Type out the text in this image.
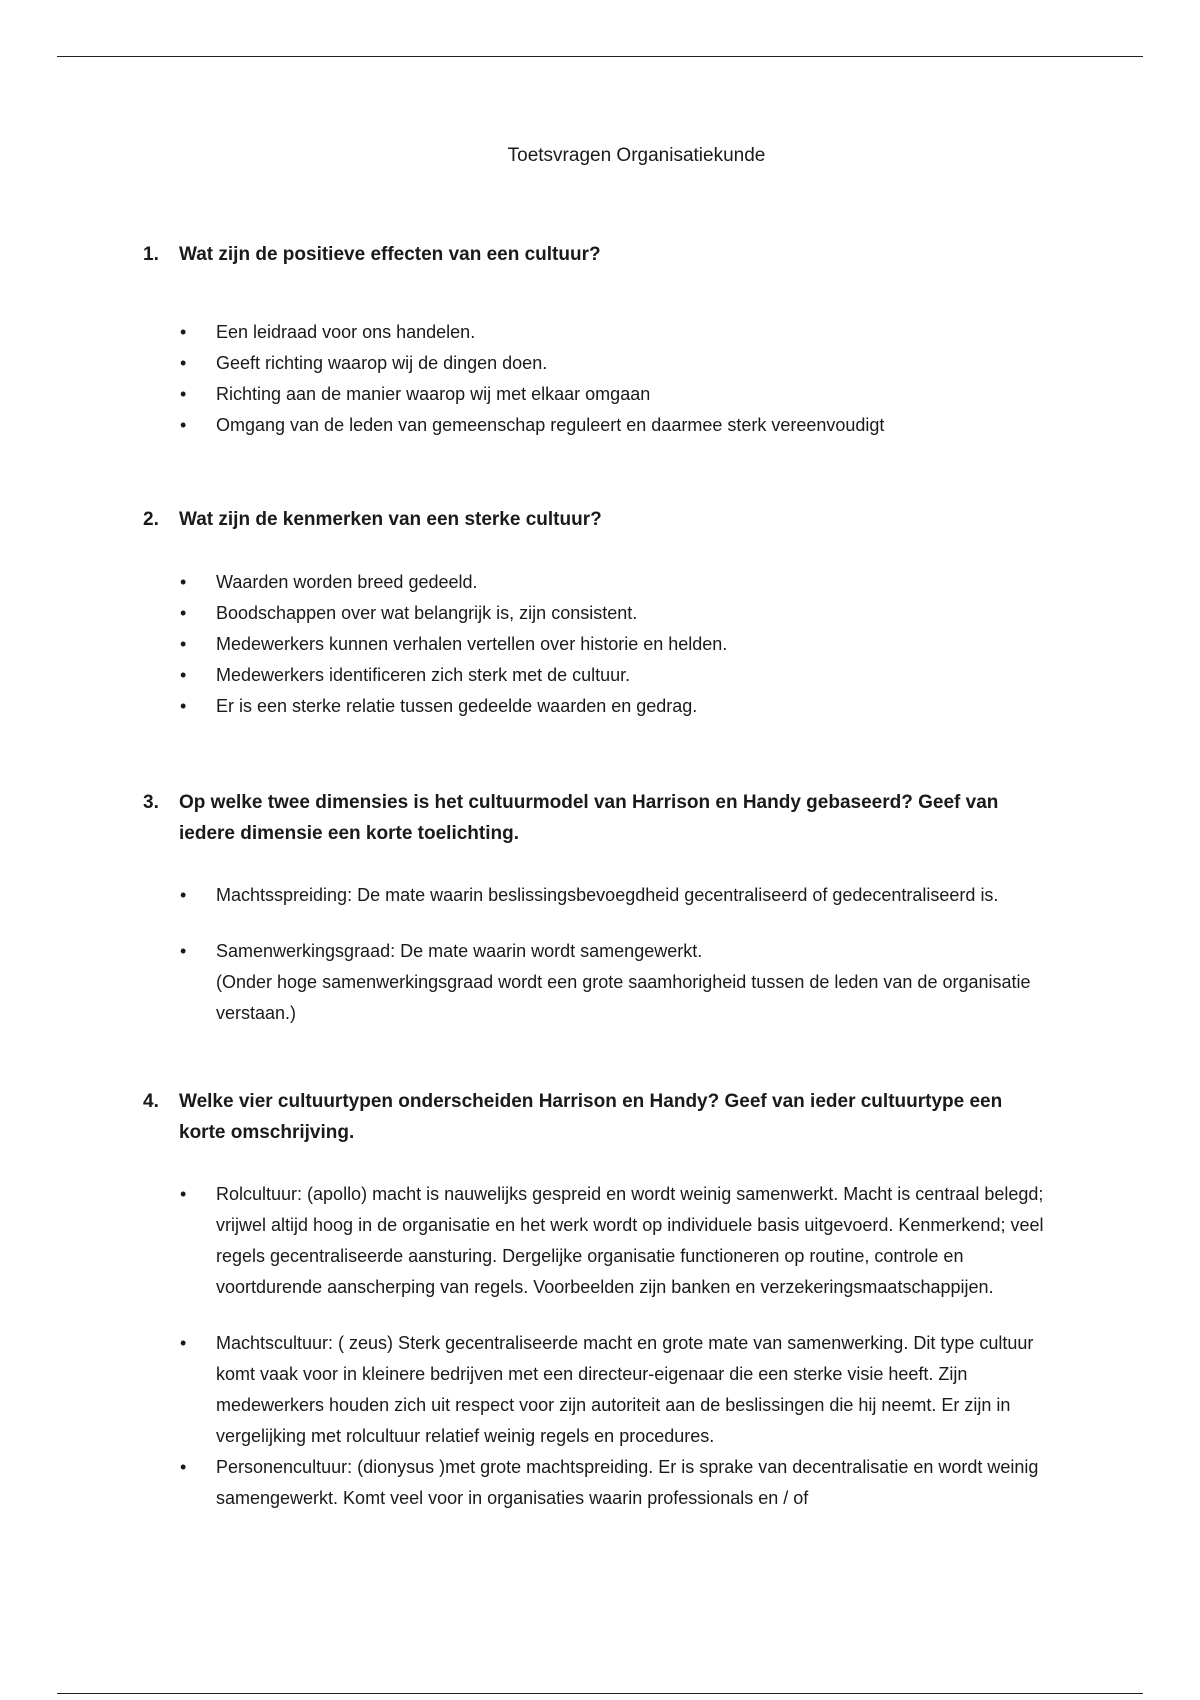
Toetsvragen Organisatiekunde
1.	Wat zijn de positieve effecten van een cultuur?
• Een leidraad voor ons handelen.
• Geeft richting waarop wij de dingen doen.
• Richting aan de manier waarop wij met elkaar omgaan
• Omgang van de leden van gemeenschap reguleert en daarmee sterk vereenvoudigt
2.	Wat zijn de kenmerken van een sterke cultuur?
• Waarden worden breed gedeeld.
• Boodschappen over wat belangrijk is, zijn consistent.
• Medewerkers kunnen verhalen vertellen over historie en helden.
• Medewerkers identificeren zich sterk met de cultuur.
• Er is een sterke relatie tussen gedeelde waarden en gedrag.
3.	Op welke twee dimensies is het cultuurmodel van Harrison en Handy gebaseerd? Geef van iedere dimensie een korte toelichting.
• Machtsspreiding: De mate waarin beslissingsbevoegdheid gecentraliseerd of gedecentraliseerd is.
• Samenwerkingsgraad: De mate waarin wordt samengewerkt.
(Onder hoge samenwerkingsgraad wordt een grote saamhorigheid tussen de leden van de organisatie verstaan.)
4.	Welke vier cultuurtypen onderscheiden Harrison en Handy? Geef van ieder cultuurtype een korte omschrijving.
• Rolcultuur: (apollo) macht is nauwelijks gespreid en wordt weinig samenwerkt. Macht is centraal belegd; vrijwel altijd hoog in de organisatie en het werk wordt op individuele basis uitgevoerd. Kenmerkend; veel regels gecentraliseerde aansturing. Dergelijke organisatie functioneren op routine, controle en voortdurende aanscherping van regels. Voorbeelden zijn banken en verzekeringsmaatschappijen.
• Machtscultuur: ( zeus) Sterk gecentraliseerde macht en grote mate van samenwerking. Dit type cultuur komt vaak voor in kleinere bedrijven met een directeur-eigenaar die een sterke visie heeft. Zijn medewerkers houden zich uit respect voor zijn autoriteit aan de beslissingen die hij neemt. Er zijn in vergelijking met rolcultuur relatief weinig regels en procedures.
• Personencultuur: (dionysus )met grote machtspreiding. Er is sprake van decentralisatie en wordt weinig samengewerkt. Komt veel voor in organisaties waarin professionals en / of
